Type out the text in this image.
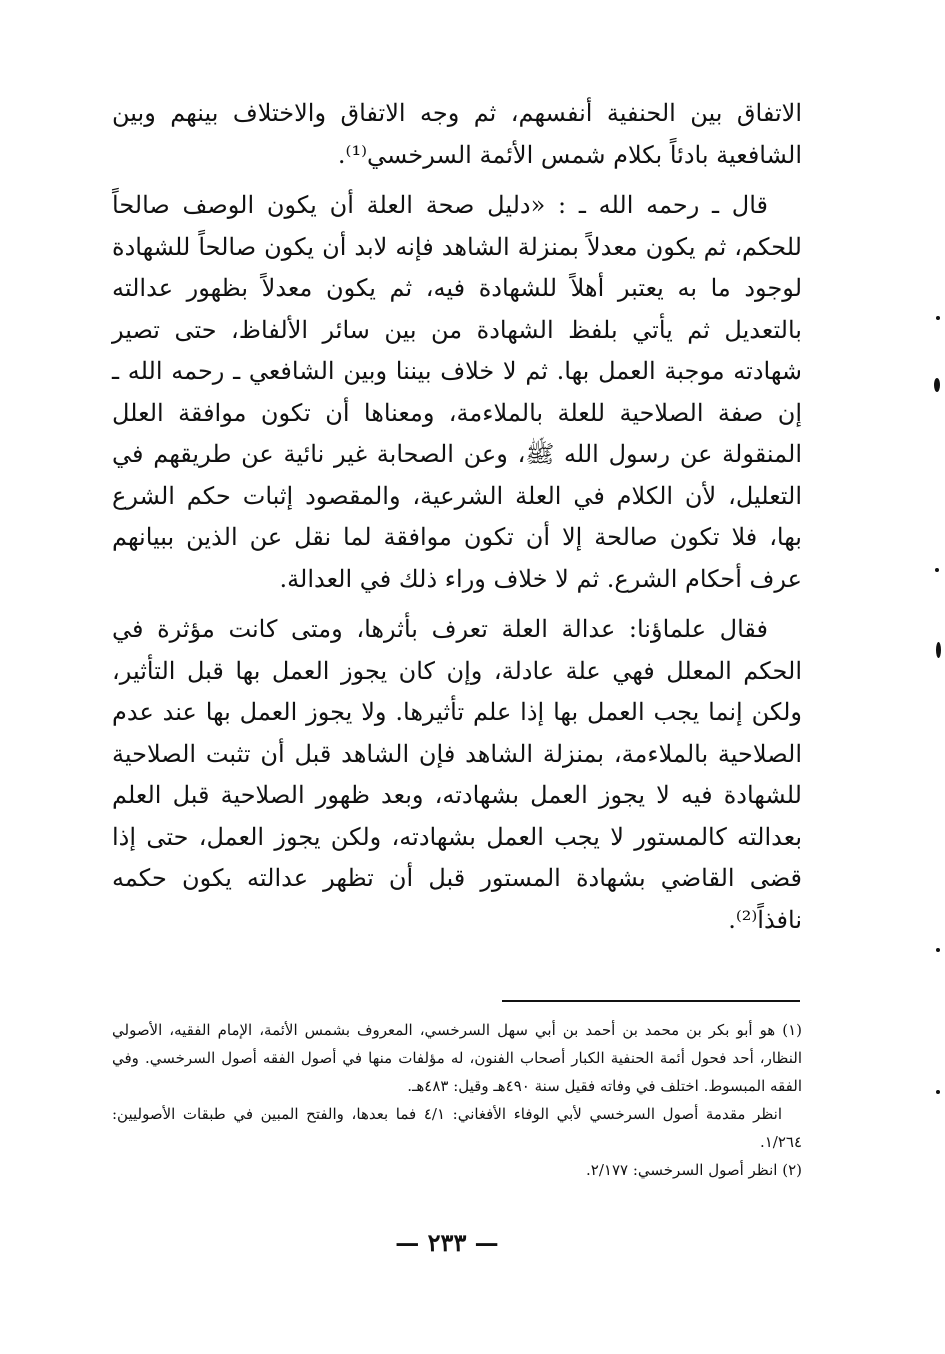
الاتفاق بين الحنفية أنفسهم، ثم وجه الاتفاق والاختلاف بينهم وبين الشافعية بادئاً بكلام شمس الأئمة السرخسي⁽¹⁾.

قال ـ رحمه الله ـ : «دليل صحة العلة أن يكون الوصف صالحاً للحكم، ثم يكون معدلاً بمنزلة الشاهد فإنه لابد أن يكون صالحاً للشهادة لوجود ما به يعتبر أهلاً للشهادة فيه، ثم يكون معدلاً بظهور عدالته بالتعديل ثم يأتي بلفظ الشهادة من بين سائر الألفاظ، حتى تصير شهادته موجبة العمل بها. ثم لا خلاف بيننا وبين الشافعي ـ رحمه الله ـ إن صفة الصلاحية للعلة بالملاءمة، ومعناها أن تكون موافقة العلل المنقولة عن رسول الله ﷺ، وعن الصحابة غير نائية عن طريقهم في التعليل، لأن الكلام في العلة الشرعية، والمقصود إثبات حكم الشرع بها، فلا تكون صالحة إلا أن تكون موافقة لما نقل عن الذين ببيانهم عرف أحكام الشرع. ثم لا خلاف وراء ذلك في العدالة.

فقال علماؤنا: عدالة العلة تعرف بأثرها، ومتى كانت مؤثرة في الحكم المعلل فهي علة عادلة، وإن كان يجوز العمل بها قبل التأثير، ولكن إنما يجب العمل بها إذا علم تأثيرها. ولا يجوز العمل بها عند عدم الصلاحية بالملاءمة، بمنزلة الشاهد فإن الشاهد قبل أن تثبت الصلاحية للشهادة فيه لا يجوز العمل بشهادته، وبعد ظهور الصلاحية قبل العلم بعدالته كالمستور لا يجب العمل بشهادته، ولكن يجوز العمل، حتى إذا قضى القاضي بشهادة المستور قبل أن تظهر عدالته يكون حكمه نافذاً⁽²⁾.

(١) هو أبو بكر بن محمد بن أحمد بن أبي سهل السرخسي، المعروف بشمس الأئمة، الإمام الفقيه، الأصولي النظار، أحد فحول أئمة الحنفية الكبار أصحاب الفنون، له مؤلفات منها في أصول الفقه أصول السرخسي. وفي الفقه المبسوط. اختلف في وفاته فقيل سنة ٤٩٠هـ وقيل: ٤٨٣هـ.

انظر مقدمة أصول السرخسي لأبي الوفاء الأفغاني: ٤/١ فما بعدها، والفتح المبين في طبقات الأصوليين: ١/٢٦٤.

(٢) انظر أصول السرخسي: ٢/١٧٧.

— ٢٣٣ —
